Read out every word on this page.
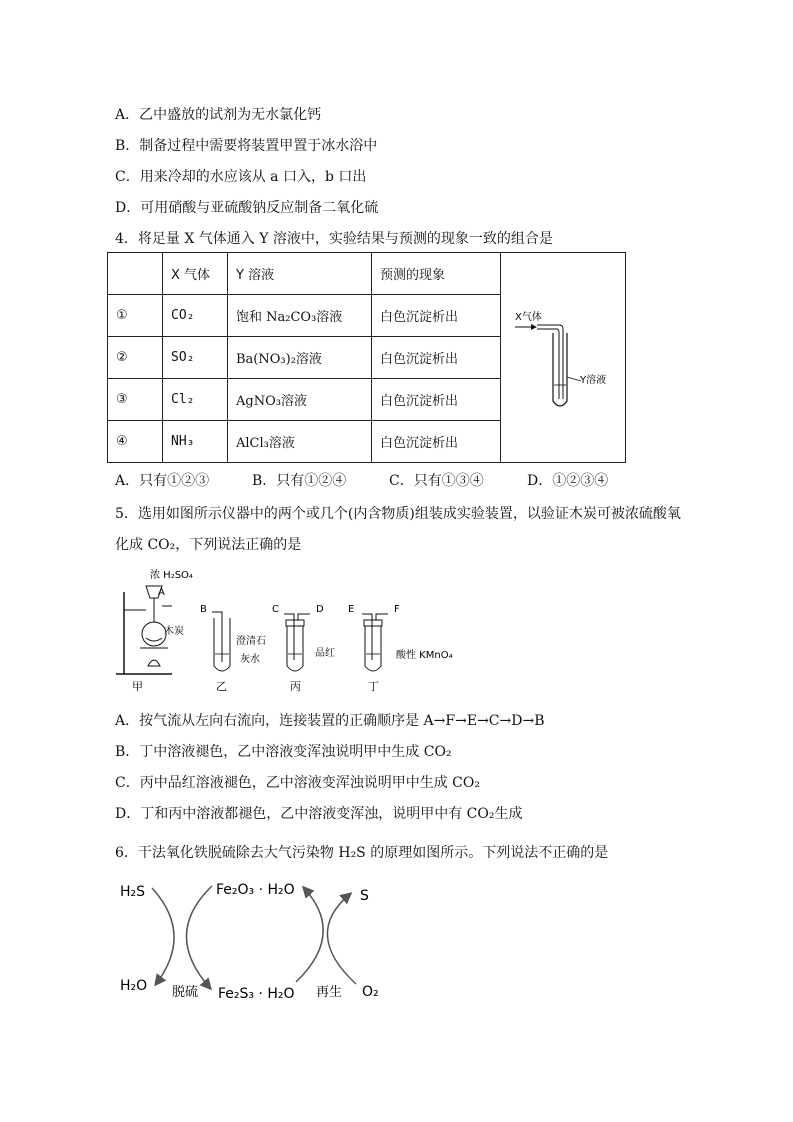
A．乙中盛放的试剂为无水氯化钙
B．制备过程中需要将装置甲置于冰水浴中
C．用来冷却的水应该从 a 口入，b 口出
D．可用硝酸与亚硫酸钠反应制备二氧化硫
4．将足量 X 气体通入 Y 溶液中，实验结果与预测的现象一致的组合是
	X 气体	Y 溶液	预测的现象	X气体
Y溶液

①	CO₂	饱和 Na₂CO₃溶液	白色沉淀析出	
②	SO₂	Ba(NO₃)₂溶液	白色沉淀析出	
③	Cl₂	AgNO₃溶液	白色沉淀析出	
④	NH₃	AlCl₃溶液	白色沉淀析出	
A．只有①②③	B．只有①②④	C．只有①③④	D．①②③④
5．选用如图所示仪器中的两个或几个(内含物质)组装成实验装置，以验证木炭可被浓硫酸氧
化成 CO₂，下列说法正确的是
浓 H₂SO₄
A
木炭
甲
B
澄清石
灰水
乙
C	D
品红
丙
E	F
酸性 KMnO₄
丁
A．按气流从左向右流向，连接装置的正确顺序是 A→F→E→C→D→B
B．丁中溶液褪色，乙中溶液变浑浊说明甲中生成 CO₂
C．丙中品红溶液褪色，乙中溶液变浑浊说明甲中生成 CO₂
D．丁和丙中溶液都褪色，乙中溶液变浑浊，说明甲中有 CO₂生成
6．干法氧化铁脱硫除去大气污染物 H₂S 的原理如图所示。下列说法不正确的是
H₂S	Fe₂O₃ · H₂O	S
H₂O 脱硫 Fe₂S₃ · H₂O 再生 O₂
